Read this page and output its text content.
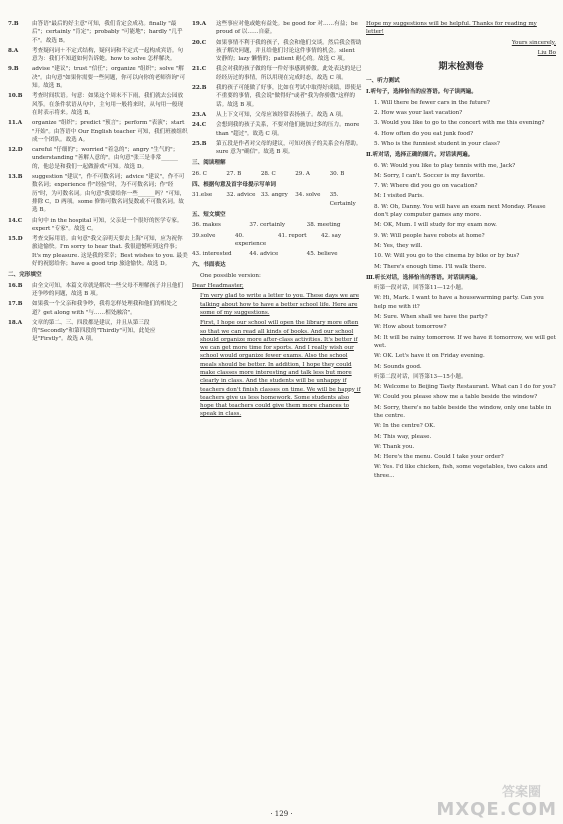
7.B	由答语"最后的好主意"可知，我们肯定会成功。finally "最后"；certainly "肯定"；probably "可能地"；hardly "几乎不"。故选 B。
8.A	考查疑问词＋不定式结构，疑问词和不定式一起构成宾语。句意为：我们不知道如何告诉她。how to solve 怎样解决。
9.B	advise "建议"；trust "信任"；organize "组织"；solve "解决"。由句意"如果你需要一些问题，你可以向你的老师咨询"可知。故选 B。
10.B	考查时间状语。句意：如果这个周末不下雨，我们就去公园放风筝。在条件状语从句中，主句用一般将来时，从句用一般现在时表示将来。故选 B。
11.A	organize "组织"；predict "预言"；perform "表演"；start "开始"。由答语中 Our English teacher 可知，我们班被组织成一个团队。故选 A。
12.D	careful "仔细的"；worried "着急的"；angry "生气的"；understanding "善解人意的"。由句意"张三是非常______的，他总是和我们一起做游戏"可知。故选 D。
13.B	suggestion "建议"，作不可数名词；advice "建议"，作不可数名词；experience 作"经验"时，为不可数名词；作"经历"时，为可数名词。由句意"我要给你一些______吗？"可知，排除 C，D 两项。some 修饰可数名词复数或不可数名词。故选 B。
14.C	由句中 in the hospital 可知，父亲是一个很好的医学专家。expert "专家"。故选 C。
15.D	考查交际用语。由句意"我父亲明天要去上海"可知，应为祝你旅途愉快。I'm sorry to hear that. 我很遗憾听到这件事；It's my pleasure. 这是我的荣幸；Best wishes to you. 最美好的祝愿给你；have a good trip 旅途愉快。故选 D。
二、完形填空
16.B	由全文可知，本篇文章就是解决一些父母不理解孩子并且他们还争吵的问题，故选 B 项。
17.B	如果我一个父亲和我争吵，我将怎样处理我和他们的相处之道？get along with "与……相处融洽"。
18.A	文章的第二、三、四段都是建议，并且从第三段的"Secondly"和第四段的"Thirdly"可知，此处应是"Firstly"。故选 A 项。
19.A	这些事应对他或她有益处。be good for 对……有益；be proud of 以……自豪。
20.C	如果事情不利于我的孩子，我会和他们交谈。然后我会帮助孩子解决问题，并且给他们讨论这件事情的机会。silent 安静的；lazy 懒惰的；patient 耐心的。故选 C 项。
21.C	我会对我的孩子做的每一件好事感到骄傲。此处表达的是已经经历过的事情，所以用现在完成时态，故选 C 项。
22.B	我的孩子可能做了好事，比如在考试中取得好成绩，即使是不重要的事情，我会说"做得好"或者"我为你骄傲"这样的话。故选 B 项。
23.A	从上下文可知，父母应该经常表扬孩子。故选 A 项。
24.C	会想到我的孩子关系，不要对他们施加过多的压力。more than "超过"。故选 C 项。
25.B	第五段是作者对父母的建议，可知对孩子的关系会有帮助。sure 意为"确信"。故选 B 项。
三、阅读理解
26. C	27. B	28. C	29. A	30. B
四、根据句意及首字母提示写单词
31.else	32. advice 33. angry	34. solve	35. Certainly
五、短文填空
36. makes	37. certainly	38. meeting
39.solve	40. experience
41. report	42. say
43. interested	44. advice	45. believe
六、书面表达
One possible version:
Dear Headmaster,
I'm very glad to write a letter to you. These days we are talking about how to have a better school life. Here are some of my suggestions.
First, I hope our school will open the library more often so that we can read all kinds of books. And our school should organize more after-class activities. It's better if we can get more time for sports. And I really wish our school would organize fewer exams. Also the school meals should be better. In addition, I hope they could make classes more interesting and talk less but more clearly in class. And the students will be unhappy if teachers don't finish classes on time. We will be happy if teachers give us less homework. Some students also hope that teachers could give them more chances to speak in class.
Hope my suggestions will be helpful. Thanks for reading my letter!
Yours sincerely,
Liu Bo
期末检测卷
一、听力测试
Ⅰ.听句子，选择恰当的应答语。句子读两遍。
1. Will there be fewer cars in the future?
2. How was your last vacation?
3. Would you like to go to the concert with me this evening?
4. How often do you eat junk food?
5. Who is the funniest student in your class?
Ⅱ.听对话，选择正确的图片。对话读两遍。
6. W: Would you like to play tennis with me, Jack?
M: Sorry, I can't. Soccer is my favorite.
7. W: Where did you go on vacation?
M: I visited Paris.
8. W: Oh, Danny. You will have an exam next Monday. Please don't play computer games any more.
M: OK, Mum. I will study for my exam now.
9. W: Will people have robots at home?
M: Yes, they will.
10. W: Will you go to the cinema by bike or by bus?
M: There's enough time. I'll walk there.
Ⅲ.听长对话，选择恰当的答语。对话读两遍。
听第一段对话，回答第11—12小题。
W: Hi, Mark. I want to have a housewarming party. Can you help me with it?
M: Sure. When shall we have the party?
W: How about tomorrow?
M: It will be rainy tomorrow. If we have it tomorrow, we will get wet.
W: OK. Let's have it on Friday evening.
M: Sounds good.
听第二段对话，回答第13—15小题。
M: Welcome to Beijing Tasty Restaurant. What can I do for you?
W: Could you please show me a table beside the window?
M: Sorry, there's no table beside the window, only one table in the centre.
W: In the centre? OK.
M: This way, please.
W: Thank you.
M: Here's the menu. Could I take your order?
W: Yes. I'd like chicken, fish, some vegetables, two cakes and three...
· 129 ·
答案圈
MXQE.COM
